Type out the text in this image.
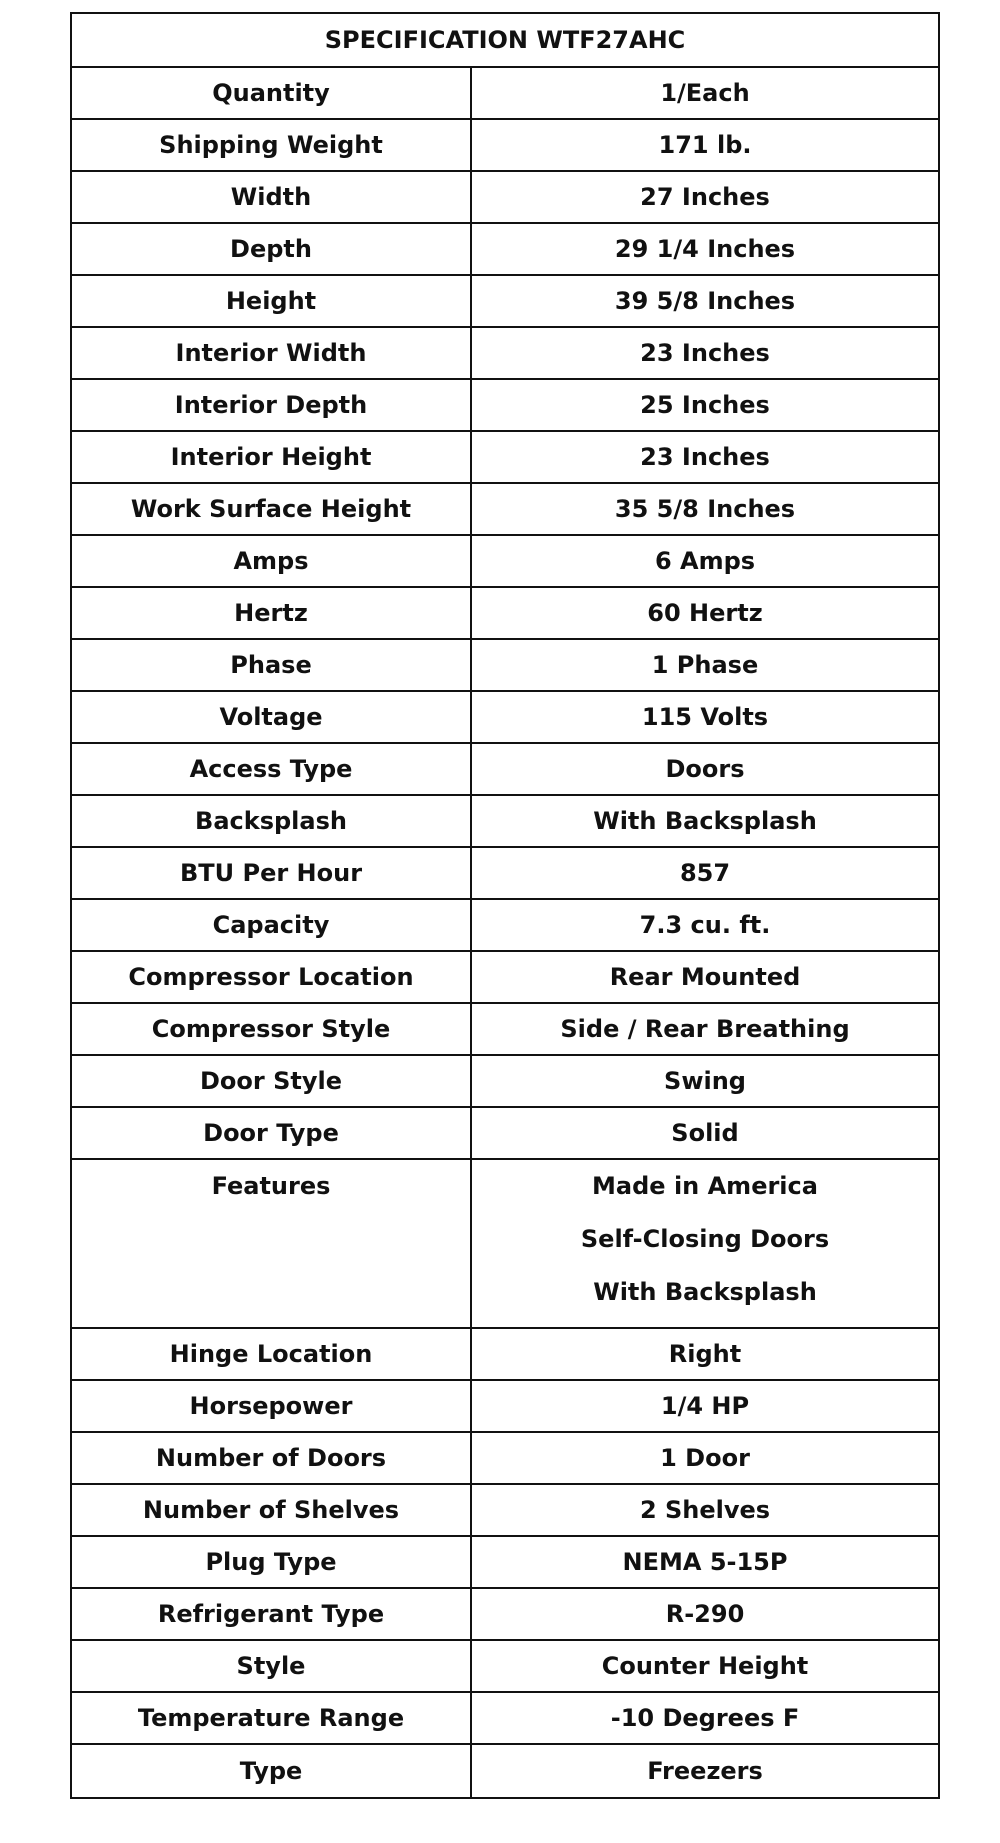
SPECIFICATION WTF27AHC	
Quantity	1/Each
Shipping Weight	171 lb.
Width	27 Inches
Depth	29 1/4 Inches
Height	39 5/8 Inches
Interior Width	23 Inches
Interior Depth	25 Inches
Interior Height	23 Inches
Work Surface Height	35 5/8 Inches
Amps	6 Amps
Hertz	60 Hertz
Phase	1 Phase
Voltage	115 Volts
Access Type	Doors
Backsplash	With Backsplash
BTU Per Hour	857
Capacity	7.3 cu. ft.
Compressor Location	Rear Mounted
Compressor Style	Side / Rear Breathing
Door Style	Swing
Door Type	Solid

Features	Made in America
Self-Closing Doors
With Backsplash

Hinge Location	Right
Horsepower	1/4 HP
Number of Doors	1 Door
Number of Shelves	2 Shelves
Plug Type	NEMA 5-15P
Refrigerant Type	R-290
Style	Counter Height
Temperature Range	-10 Degrees F
Type	Freezers
